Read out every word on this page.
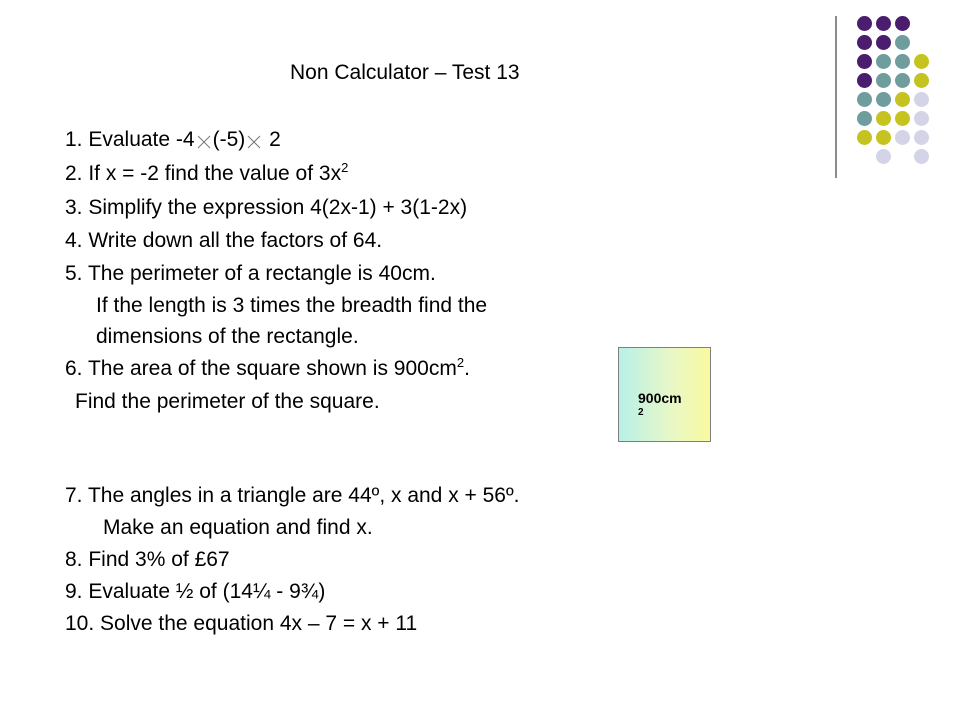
Non Calculator – Test 13
1. Evaluate -4 (-5) 2
2. If x = -2 find the value of $3x^2$
3. Simplify the expression 4(2x-1) + 3(1-2x)
4. Write down all the factors of 64.
5. The perimeter of a rectangle is 40cm.
If the length is 3 times the breadth find the
dimensions of the rectangle.
6. The area of the square shown is $900cm^2$.
Find the perimeter of the square.	900cm
2
7. The angles in a triangle are 44º, x and x + 56º.
Make an equation and find x.
8. Find 3% of £67
9. Evaluate ½ of (14¼ - 9¾)
10. Solve the equation 4x – 7 = x + 11
